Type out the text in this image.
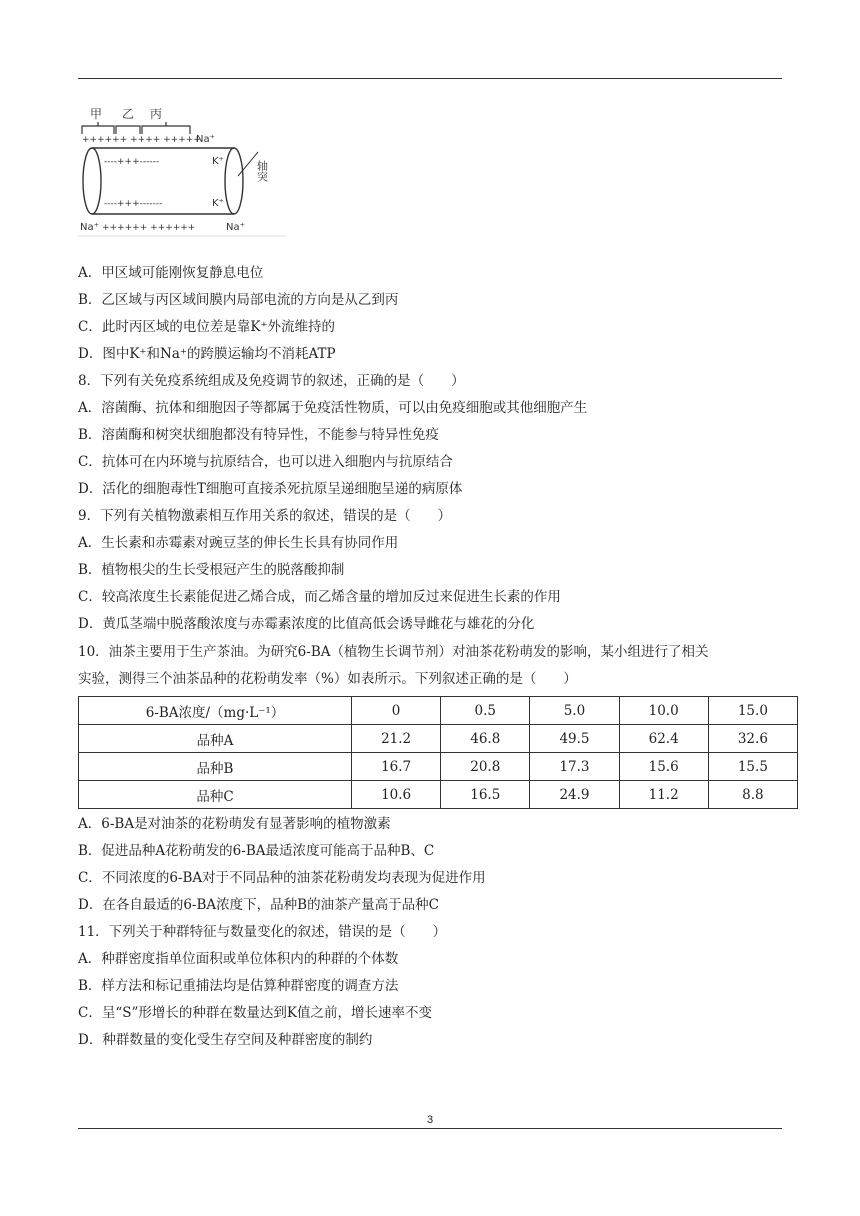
甲 乙 丙
++++++ ++++ +++++
Na⁺
----+++------	K⁺
----+++-------	K⁺
轴突
Na⁺ ++++++ ++++++	Na⁺
A．甲区域可能刚恢复静息电位
B．乙区域与丙区域间膜内局部电流的方向是从乙到丙
C．此时丙区域的电位差是靠K⁺外流维持的
D．图中K⁺和Na⁺的跨膜运输均不消耗ATP
8．下列有关免疫系统组成及免疫调节的叙述，正确的是（　　）
A．溶菌酶、抗体和细胞因子等都属于免疫活性物质，可以由免疫细胞或其他细胞产生
B．溶菌酶和树突状细胞都没有特异性，不能参与特异性免疫
C．抗体可在内环境与抗原结合，也可以进入细胞内与抗原结合
D．活化的细胞毒性T细胞可直接杀死抗原呈递细胞呈递的病原体
9．下列有关植物激素相互作用关系的叙述，错误的是（　　）
A．生长素和赤霉素对豌豆茎的伸长生长具有协同作用
B．植物根尖的生长受根冠产生的脱落酸抑制
C．较高浓度生长素能促进乙烯合成，而乙烯含量的增加反过来促进生长素的作用
D．黄瓜茎端中脱落酸浓度与赤霉素浓度的比值高低会诱导雌花与雄花的分化
10．油茶主要用于生产茶油。为研究6-BA（植物生长调节剂）对油茶花粉萌发的影响，某小组进行了相关
实验，测得三个油茶品种的花粉萌发率（%）如表所示。下列叙述正确的是（　　）
6-BA浓度/（mg·L⁻¹）	0	0.5	5.0	10.0	15.0
品种A	21.2	46.8	49.5	62.4	32.6
品种B	16.7	20.8	17.3	15.6	15.5
品种C	10.6	16.5	24.9	11.2	8.8
A．6-BA是对油茶的花粉萌发有显著影响的植物激素
B．促进品种A花粉萌发的6-BA最适浓度可能高于品种B、C
C．不同浓度的6-BA对于不同品种的油茶花粉萌发均表现为促进作用
D．在各自最适的6-BA浓度下，品种B的油茶产量高于品种C
11．下列关于种群特征与数量变化的叙述，错误的是（　　）
A．种群密度指单位面积或单位体积内的种群的个体数
B．样方法和标记重捕法均是估算种群密度的调查方法
C．呈“S”形增长的种群在数量达到K值之前，增长速率不变
D．种群数量的变化受生存空间及种群密度的制约
3
